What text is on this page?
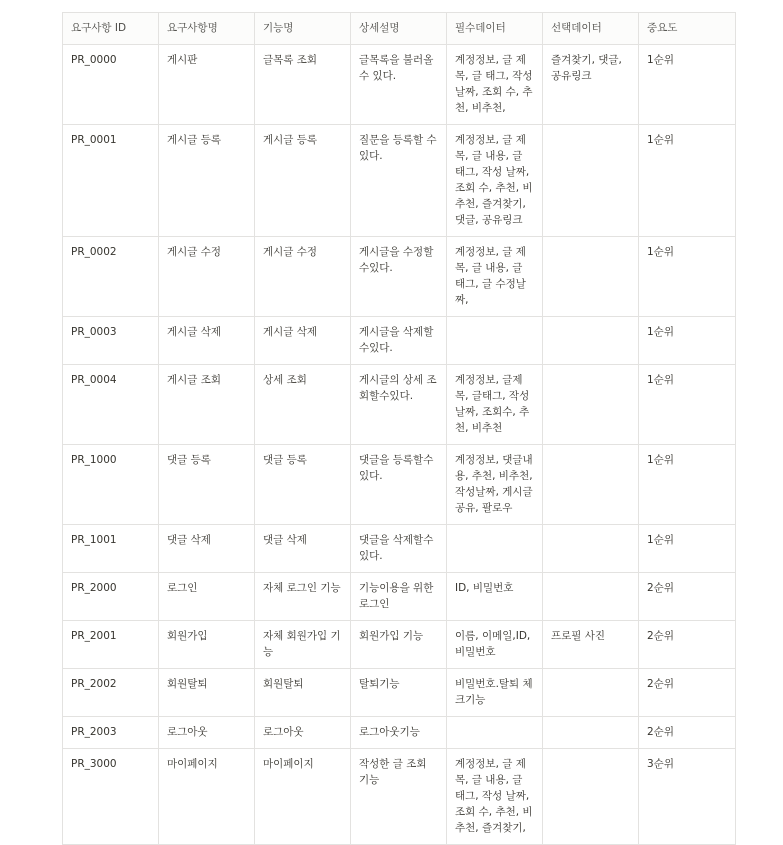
요구사항 ID	요구사항명	기능명	상세설명	필수데이터	선택데이터	중요도
PR_0000	게시판	글목록 조회	글목록을 불러올수 있다.	계정정보, 글 제목, 글 태그, 작성 날짜, 조회 수, 추천, 비추천,	즐겨찾기, 댓글, 공유링크	1순위
PR_0001	게시글 등록	게시글 등록	질문을 등록할 수 있다.	계정정보, 글 제목, 글 내용, 글 태그, 작성 날짜, 조회 수, 추천, 비추천, 즐겨찾기, 댓글, 공유링크		1순위
PR_0002	게시글 수정	게시글 수정	게시글을 수정할 수있다.	계정정보, 글 제목, 글 내용, 글 태그, 글 수정날짜,		1순위
PR_0003	게시글 삭제	게시글 삭제	게시글을 삭제할 수있다.			1순위
PR_0004	게시글 조회	상세 조회	게시글의 상세 조회할수있다.	계정정보, 글제목, 글태그, 작성 날짜, 조회수, 추천, 비추천		1순위
PR_1000	댓글 등록	댓글 등록	댓글을 등록할수있다.	계정정보, 댓글내용, 추천, 비추천, 작성날짜, 게시글 공유, 팔로우		1순위
PR_1001	댓글 삭제	댓글 삭제	댓글을 삭제할수있다.			1순위
PR_2000	로그인	자체 로그인 기능	기능이용을 위한 로그인	ID, 비밀번호		2순위
PR_2001	회원가입	자체 회원가입 기능	회원가입 기능	이름, 이메일,ID, 비밀번호	프로필 사진	2순위
PR_2002	회원탈퇴	회원탈퇴	탈퇴기능	비밀번호.탈퇴 체크기능		2순위
PR_2003	로그아웃	로그아웃	로그아웃기능			2순위
PR_3000	마이페이지	마이페이지	작성한 글 조회 기능	계정정보, 글 제목, 글 내용, 글 태그, 작성 날짜, 조회 수, 추천, 비추천, 즐겨찾기,		3순위
